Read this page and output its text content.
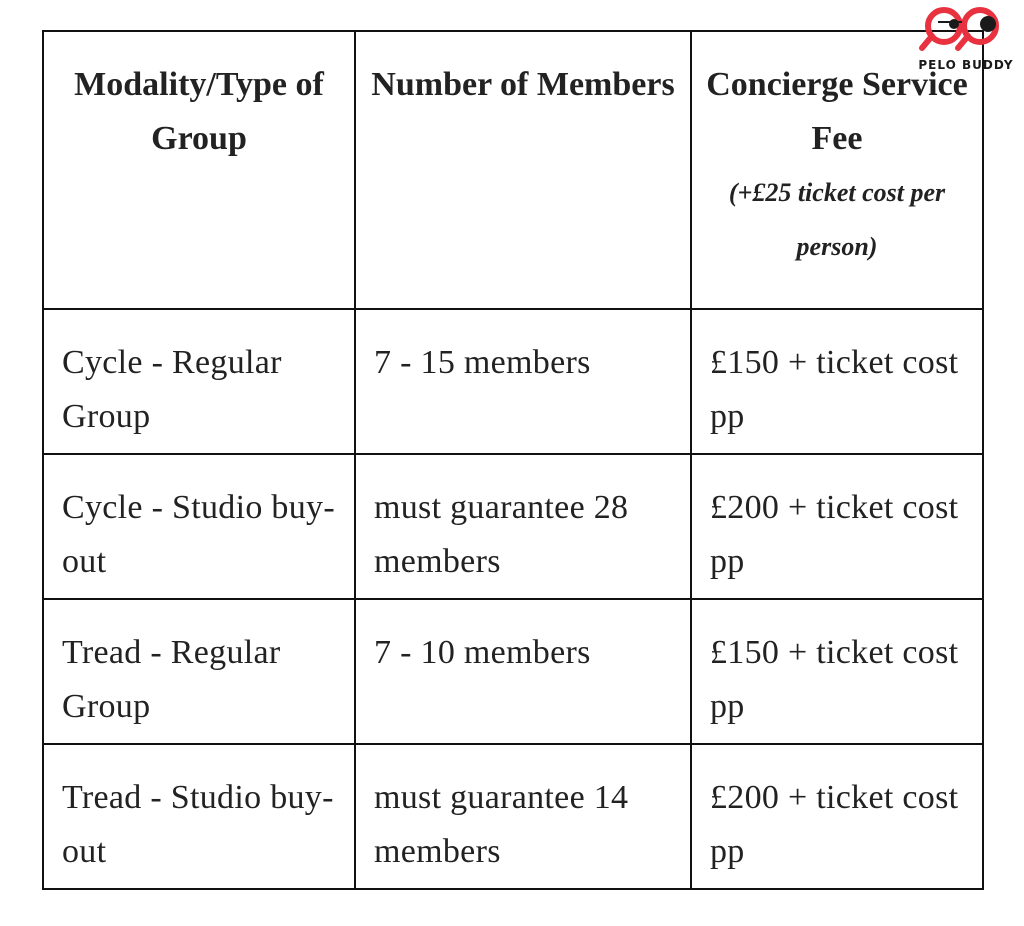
Modality/Type of Group	Number of Members	Concierge Service Fee
(+£25 ticket cost per person)

Cycle - Regular Group	7 - 15 members	£150 + ticket cost pp
Cycle - Studio buy-out	must guarantee 28 members	£200 + ticket cost pp
Tread - Regular Group	7 - 10 members	£150 + ticket cost pp
Tread - Studio buy-out	must guarantee 14 members	£200 + ticket cost pp
PELO BUDDY
